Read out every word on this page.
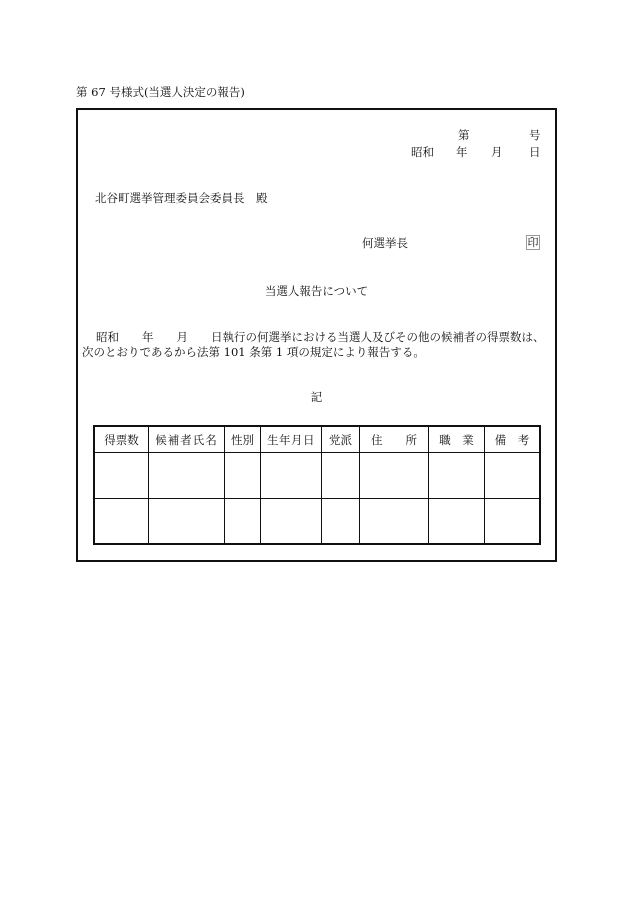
第 67 号様式(当選人決定の報告)
第	号
昭和 年 月 日
北谷町選挙管理委員会委員長　殿
何選挙長	印
当選人報告について
昭和　　年　　月　　日執行の何選挙における当選人及びその他の候補者の得票数は、
次のとおりであるから法第 101 条第 1 項の規定により報告する。
記
得票数	候補者氏名	性別	生年月日	党派	住　　所	職　業	備　考
